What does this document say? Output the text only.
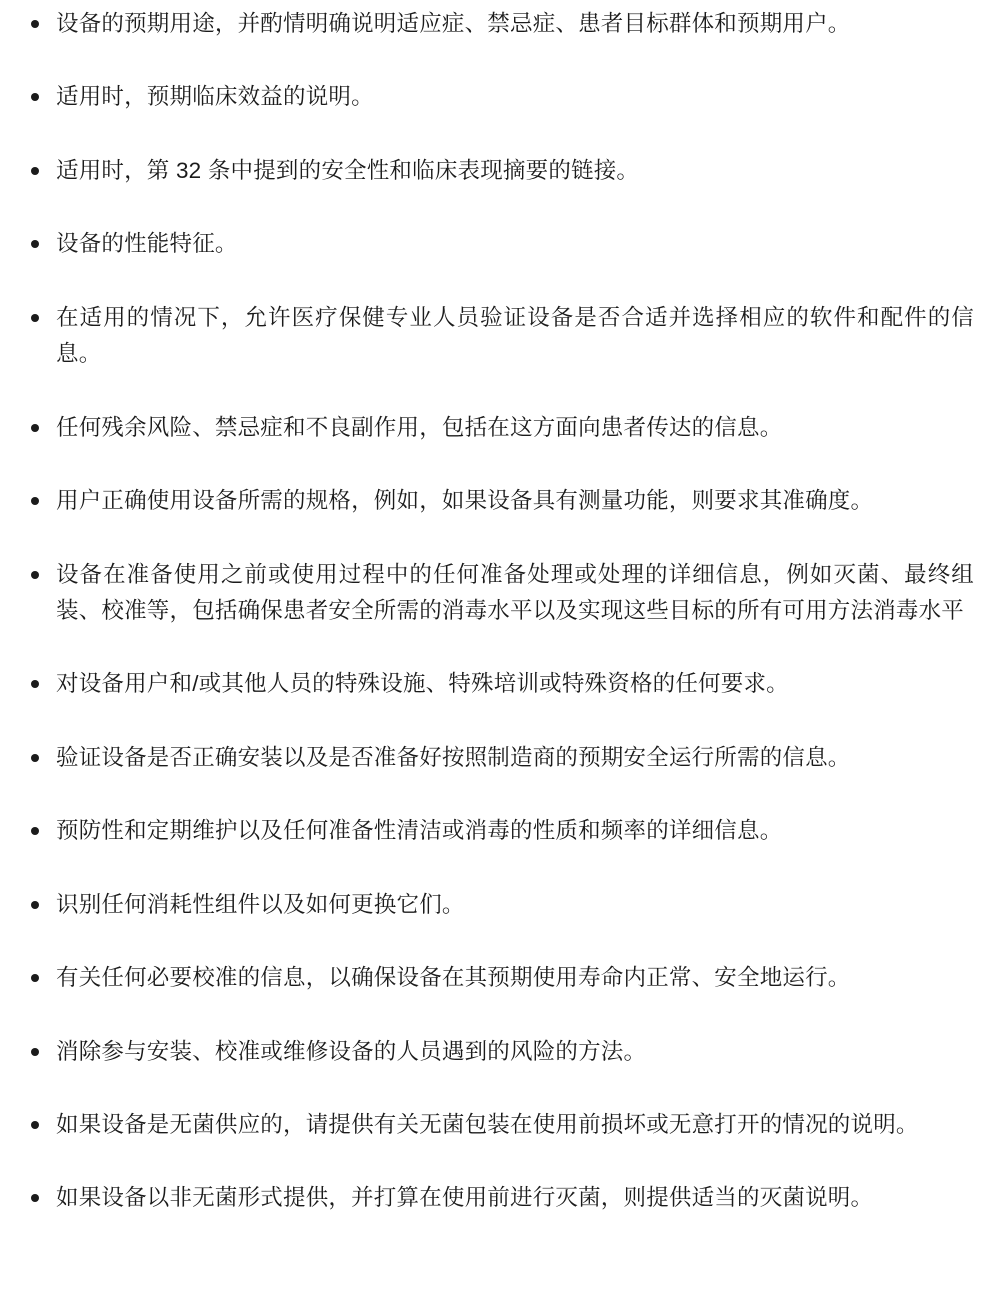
设备的预期用途，并酌情明确说明适应症、禁忌症、患者目标群体和预期用户。
适用时，预期临床效益的说明。
适用时，第 32 条中提到的安全性和临床表现摘要的链接。
设备的性能特征。
在适用的情况下，允许医疗保健专业人员验证设备是否合适并选择相应的软件和配件的信息。
任何残余风险、禁忌症和不良副作用，包括在这方面向患者传达的信息。
用户正确使用设备所需的规格，例如，如果设备具有测量功能，则要求其准确度。
设备在准备使用之前或使用过程中的任何准备处理或处理的详细信息，例如灭菌、最终组装、校准等，包括确保患者安全所需的消毒水平以及实现这些目标的所有可用方法消毒水平
对设备用户和/或其他人员的特殊设施、特殊培训或特殊资格的任何要求。
验证设备是否正确安装以及是否准备好按照制造商的预期安全运行所需的信息。
预防性和定期维护以及任何准备性清洁或消毒的性质和频率的详细信息。
识别任何消耗性组件以及如何更换它们。
有关任何必要校准的信息，以确保设备在其预期使用寿命内正常、安全地运行。
消除参与安装、校准或维修设备的人员遇到的风险的方法。
如果设备是无菌供应的，请提供有关无菌包装在使用前损坏或无意打开的情况的说明。
如果设备以非无菌形式提供，并打算在使用前进行灭菌，则提供适当的灭菌说明。
